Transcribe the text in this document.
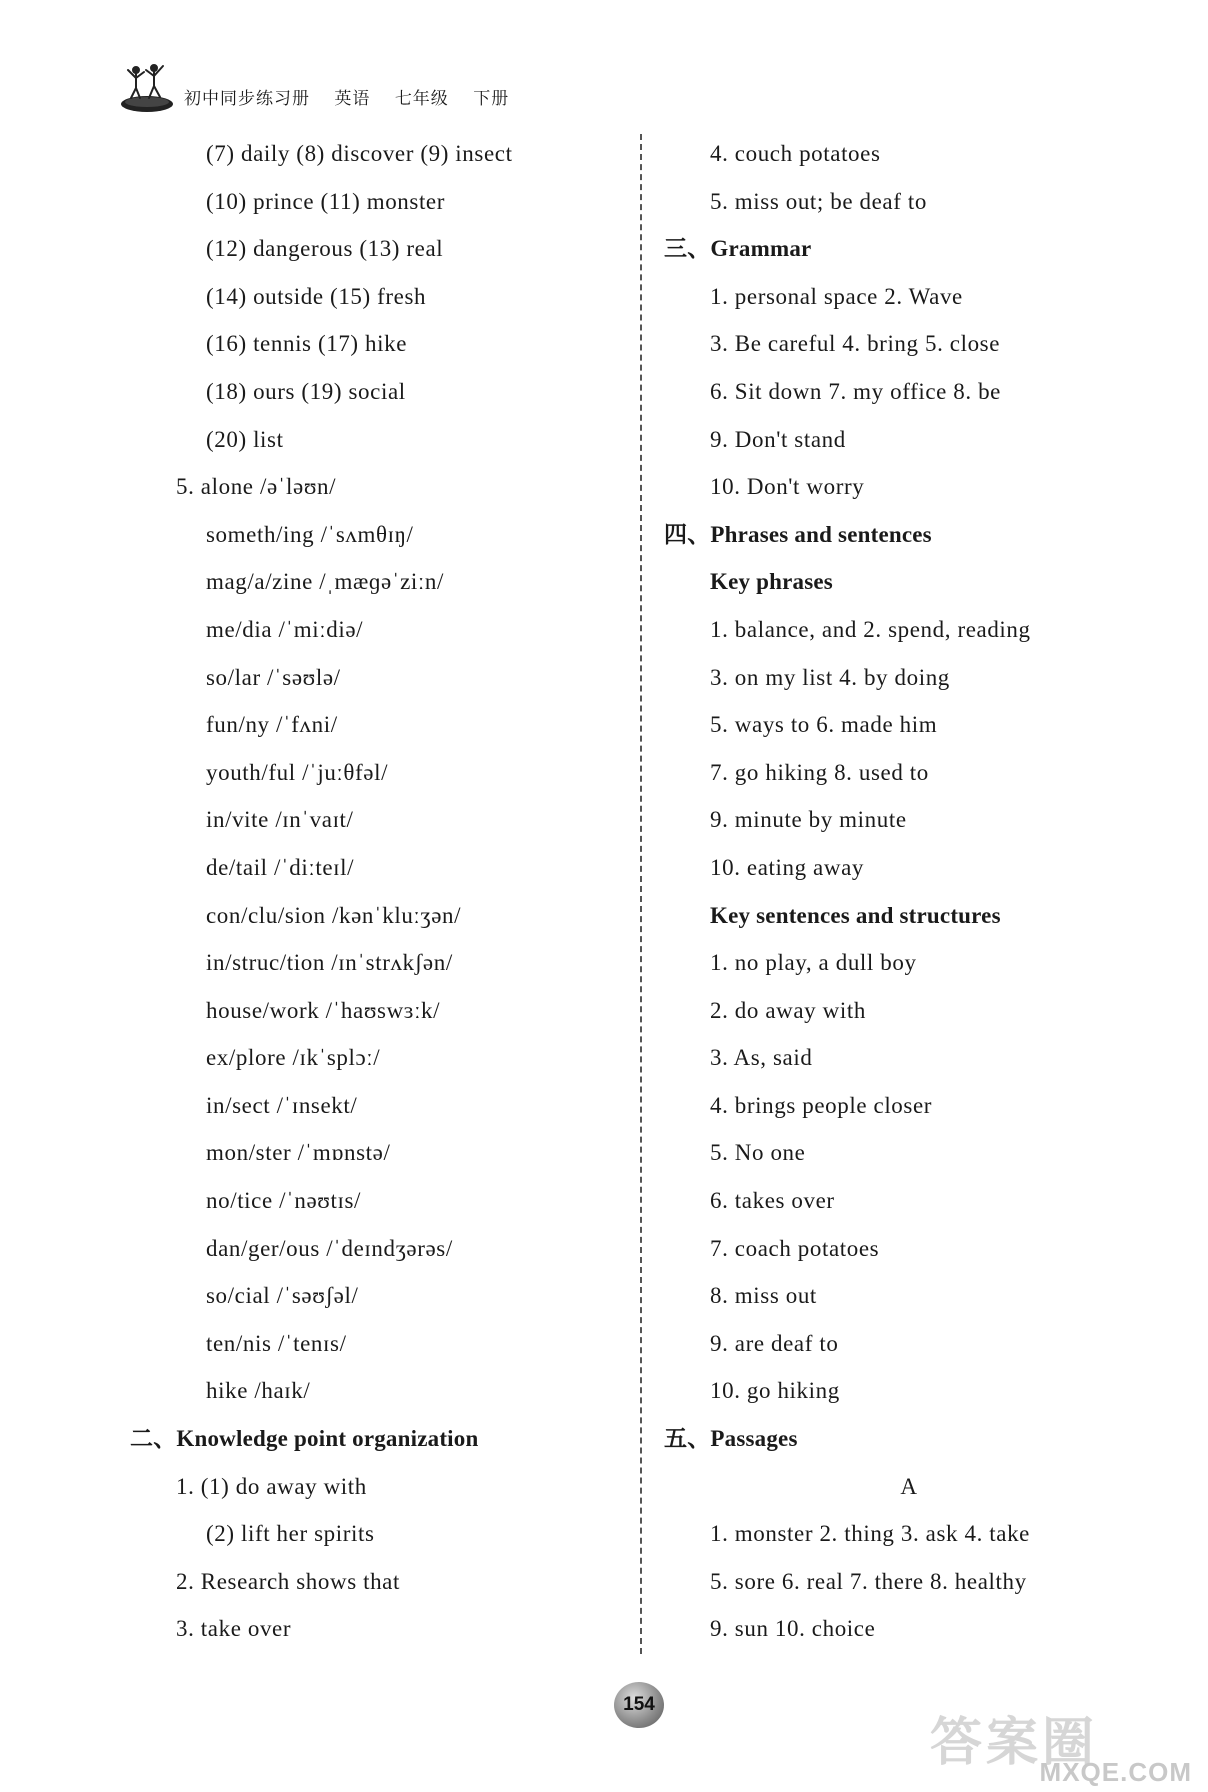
初中同步练习册 英语 七年级 下册
(7) daily (8) discover (9) insect
(10) prince (11) monster
(12) dangerous (13) real
(14) outside (15) fresh
(16) tennis (17) hike
(18) ours (19) social
(20) list
5. alone /əˈləʊn/
someth/ing /ˈsʌmθɪŋ/
mag/a/zine /ˌmæɡəˈziːn/
me/dia /ˈmiːdiə/
so/lar /ˈsəʊlə/
fun/ny /ˈfʌni/
youth/ful /ˈjuːθfəl/
in/vite /ɪnˈvaɪt/
de/tail /ˈdiːteɪl/
con/clu/sion /kənˈkluːʒən/
in/struc/tion /ɪnˈstrʌkʃən/
house/work /ˈhaʊswɜːk/
ex/plore /ɪkˈsplɔː/
in/sect /ˈɪnsekt/
mon/ster /ˈmɒnstə/
no/tice /ˈnəʊtɪs/
dan/ger/ous /ˈdeɪndʒərəs/
so/cial /ˈsəʊʃəl/
ten/nis /ˈtenɪs/
hike /haɪk/
二、Knowledge point organization
1. (1) do away with
(2) lift her spirits
2. Research shows that
3. take over
4. couch potatoes
5. miss out; be deaf to
三、Grammar
1. personal space 2. Wave
3. Be careful 4. bring 5. close
6. Sit down 7. my office 8. be
9. Don't stand
10. Don't worry
四、Phrases and sentences
Key phrases
1. balance, and 2. spend, reading
3. on my list 4. by doing
5. ways to 6. made him
7. go hiking 8. used to
9. minute by minute
10. eating away
Key sentences and structures
1. no play, a dull boy
2. do away with
3. As, said
4. brings people closer
5. No one
6. takes over
7. coach potatoes
8. miss out
9. are deaf to
10. go hiking
五、Passages
A
1. monster 2. thing 3. ask 4. take
5. sore 6. real 7. there 8. healthy
9. sun 10. choice
154
答案圈
MXQE.COM
